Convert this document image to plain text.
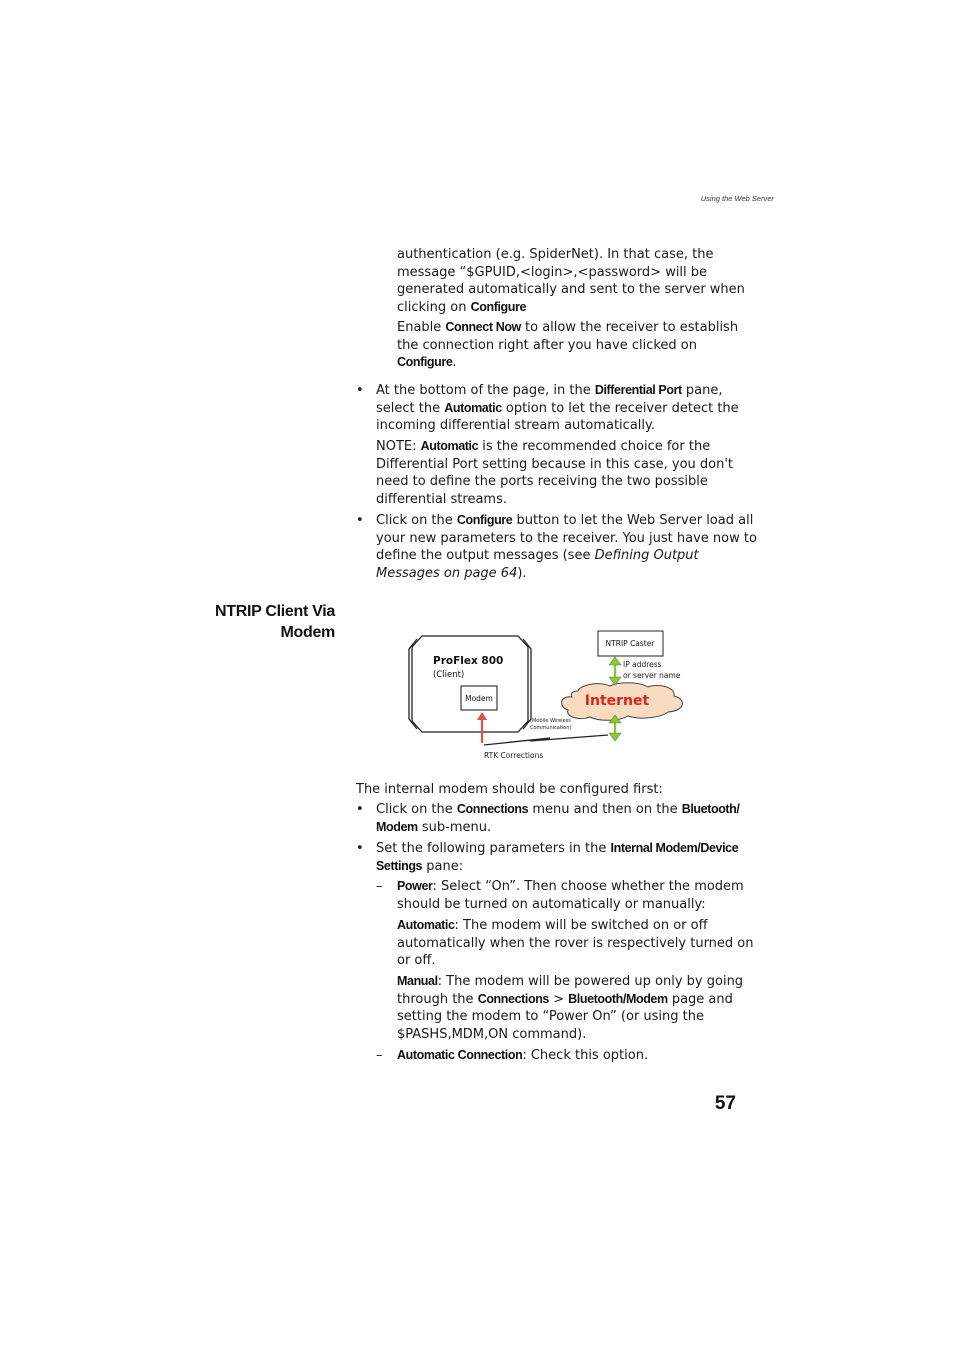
Using the Web Server
authentication (e.g. SpiderNet). In that case, the
message “$GPUID,<login>,<password> will be
generated automatically and sent to the server when
clicking on Configure
Enable Connect Now to allow the receiver to establish
the connection right after you have clicked on
Configure.
• At the bottom of the page, in the Differential Port pane,
select the Automatic option to let the receiver detect the
incoming differential stream automatically.
NOTE: Automatic is the recommended choice for the
Differential Port setting because in this case, you don't
need to define the ports receiving the two possible
differential streams.
• Click on the Configure button to let the Web Server load all
your new parameters to the receiver. You just have now to
define the output messages (see Defining Output
Messages on page 64).
NTRIP Client Via
Modem
ProFlex 800
(Client)
Modem
(Mobile Wireless
Communication)
RTK Corrections
Internet
NTRIP Caster
IP address
or server name
The internal modem should be configured first:
• Click on the Connections menu and then on the Bluetooth/
Modem sub-menu.
• Set the following parameters in the Internal Modem/Device
Settings pane:
– Power: Select “On”. Then choose whether the modem
should be turned on automatically or manually:
Automatic: The modem will be switched on or off
automatically when the rover is respectively turned on
or off.
Manual: The modem will be powered up only by going
through the Connections > Bluetooth/Modem page and
setting the modem to “Power On” (or using the
$PASHS,MDM,ON command).
– Automatic Connection: Check this option.
57
